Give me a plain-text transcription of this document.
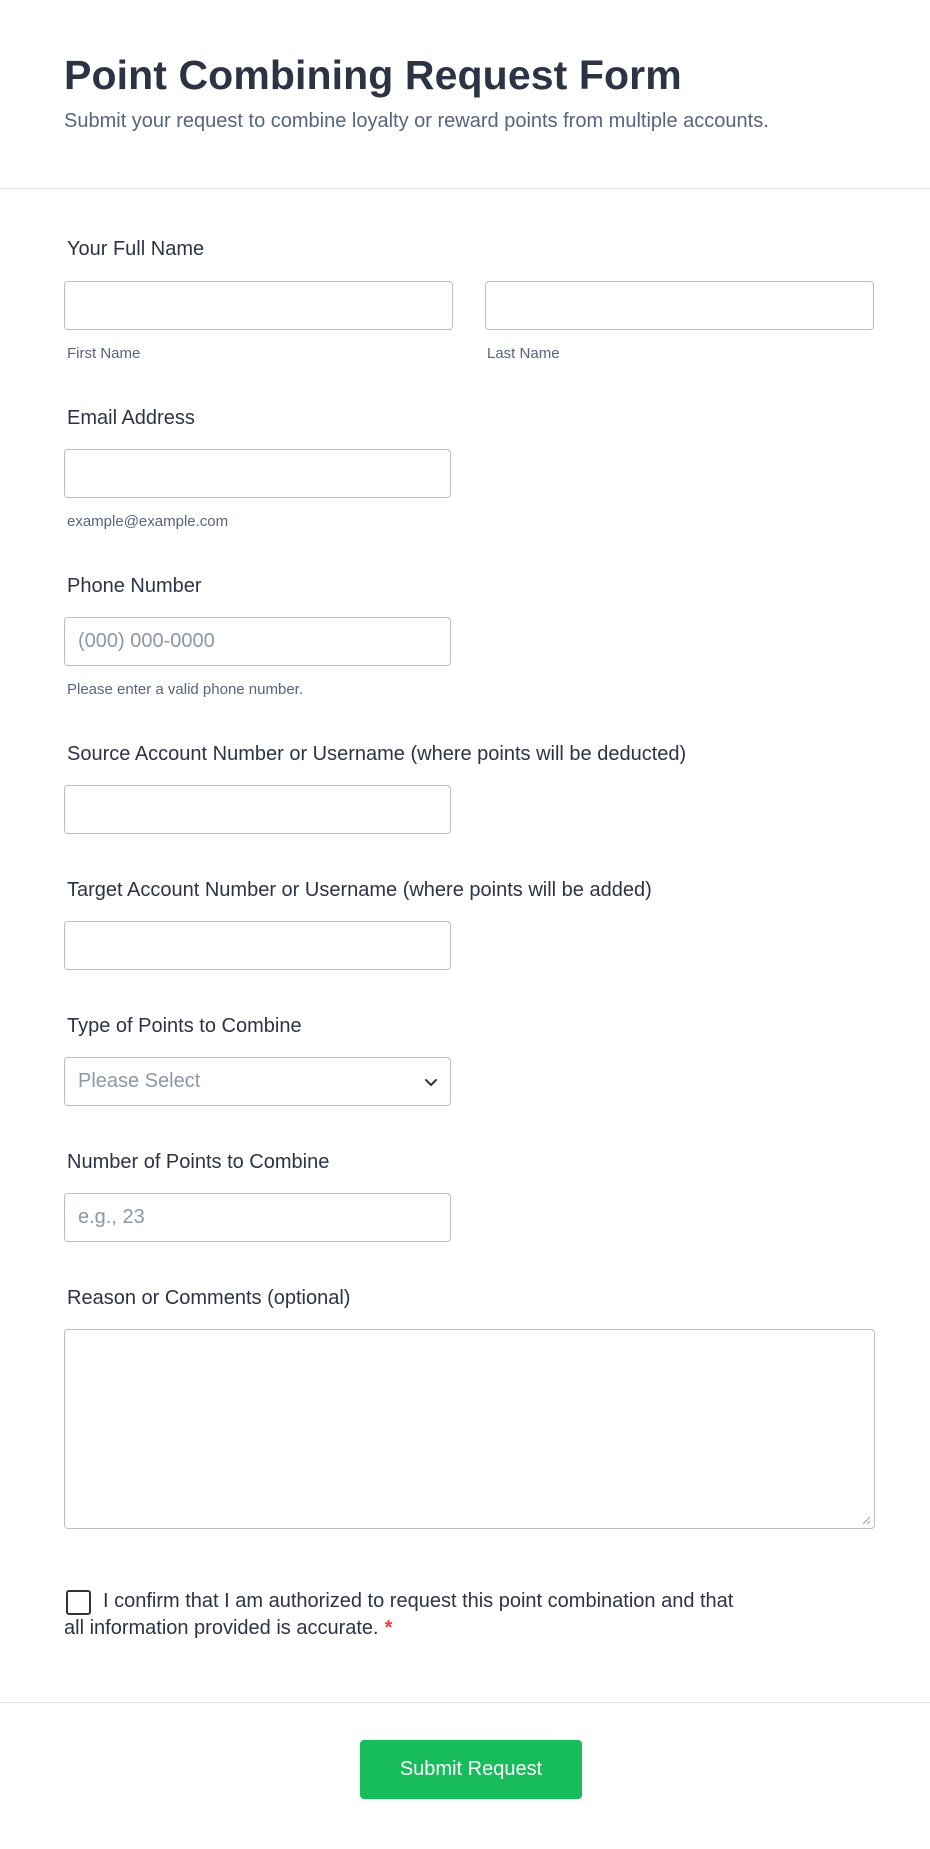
Point Combining Request Form
Submit your request to combine loyalty or reward points from multiple accounts.
Your Full Name
First Name	Last Name
Email Address
example@example.com
Phone Number
(000) 000-0000
Please enter a valid phone number.
Source Account Number or Username (where points will be deducted)
Target Account Number or Username (where points will be added)
Type of Points to Combine
Please Select
Number of Points to Combine
e.g., 23
Reason or Comments (optional)
I confirm that I am authorized to request this point combination and that
all information provided is accurate. *
Submit Request
